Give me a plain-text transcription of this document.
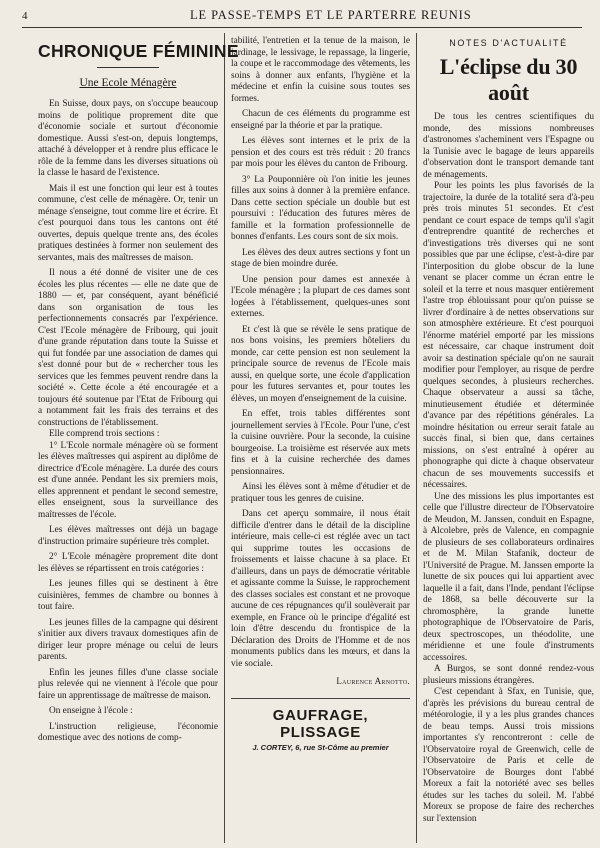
4	LE PASSE-TEMPS ET LE PARTERRE REUNIS
CHRONIQUE FÉMININE
Une Ecole Ménagère

En Suisse, doux pays, on s'occupe beaucoup moins de politique proprement dite que d'économie sociale et surtout d'économie domestique. Aussi s'est-on, depuis longtemps, attaché à développer et à rendre plus efficace le rôle de la femme dans les diverses situations où la classe le hasard de l'existence.

Mais il est une fonction qui leur est à toutes commune, c'est celle de ménagère. Or, tenir un ménage s'enseigne, tout comme lire et écrire. Et c'est pourquoi dans tous les cantons ont été ouvertes, depuis quelque trente ans, des écoles pratiques destinées à former non seulement des servantes, mais des maîtresses de maison.

Il nous a été donné de visiter une de ces écoles les plus récentes — elle ne date que de 1880 — et, par conséquent, ayant bénéficié dans son organisation de tous les perfectionnements consacrés par l'expérience. C'est l'Ecole ménagère de Fribourg, qui jouit d'une grande réputation dans toute la Suisse et qui fut fondée par une association de dames qui s'est donné pour but de « rechercher tous les services que les femmes peuvent rendre dans la société ». Cette école a été encouragée et a toujours été soutenue par l'Etat de Fribourg qui a notamment fait les frais des terrains et des constructions de l'établissement.

Elle comprend trois sections :

1° L'Ecole normale ménagère où se forment les élèves maîtresses qui aspirent au diplôme de directrice d'Ecole ménagère. La durée des cours est d'une année. Pendant les six premiers mois, elles apprennent et pendant le second semestre, elles enseignent, sous la surveillance des maîtresses de l'école.

Les élèves maîtresses ont déjà un bagage d'instruction primaire supérieure très complet.

2° L'Ecole ménagère proprement dite dont les élèves se répartissent en trois catégories :

Les jeunes filles qui se destinent à être cuisinières, femmes de chambre ou bonnes à tout faire.

Les jeunes filles de la campagne qui désirent s'initier aux divers travaux domestiques afin de diriger leur propre ménage ou celui de leurs parents.

Enfin les jeunes filles d'une classe sociale plus relevée qui ne viennent à l'école que pour faire un apprentissage de maîtresse de maison.

On enseigne à l'école :

L'instruction religieuse, l'économie domestique avec des notions de comp-

tabilité, l'entretien et la tenue de la maison, le jardinage, le lessivage, le repassage, la lingerie, la coupe et le raccommodage des vêtements, les soins à donner aux enfants, l'hygiène et la médecine et enfin la cuisine sous toutes ses formes.

Chacun de ces éléments du programme est enseigné par la théorie et par la pratique.

Les élèves sont internes et le prix de la pension et des cours est très réduit : 20 francs par mois pour les élèves du canton de Fribourg.

3° La Pouponnière où l'on initie les jeunes filles aux soins à donner à la première enfance. Dans cette section spéciale un double but est poursuivi : l'éducation des futures mères de famille et la formation professionnelle de bonnes d'enfants. Les cours sont de six mois.

Les élèves des deux autres sections y font un stage de bien moindre durée.

Une pension pour dames est annexée à l'Ecole ménagère ; la plupart de ces dames sont logées à l'établissement, quelques-unes sont externes.

Et c'est là que se révèle le sens pratique de nos bons voisins, les premiers hôteliers du monde, car cette pension est non seulement la principale source de revenus de l'Ecole mais aussi, en quelque sorte, une école d'application pour les futures servantes et, pour toutes les élèves, un moyen d'enseignement de la cuisine.

En effet, trois tables différentes sont journellement servies à l'Ecole. Pour l'une, c'est la cuisine ouvrière. Pour la seconde, la cuisine bourgeoise. La troisième est réservée aux mets fins et à la cuisine recherchée des dames pensionnaires.

Ainsi les élèves sont à même d'étudier et de pratiquer tous les genres de cuisine.

Dans cet aperçu sommaire, il nous était difficile d'entrer dans le détail de la discipline intérieure, mais celle-ci est réglée avec un tact qui supprime toutes les occasions de froissements et laisse chacune à sa place. Et d'ailleurs, dans un pays de démocratie véritable et agissante comme la Suisse, le rapprochement des classes sociales est constant et ne provoque aucune de ces répugnances qu'il soulèverait par exemple, en France où le principe d'égalité est loin d'être descendu du frontispice de la Déclaration des Droits de l'Homme et de nos monuments publics dans les mœurs, et dans la vie sociale.

Laurence Arnotto.
GAUFRAGE, PLISSAGE
J. CORTEY, 6, rue St-Côme au premier
NOTES D'ACTUALITÉ
L'éclipse du 30 août

De tous les centres scientifiques du monde, des missions nombreuses d'astronomes s'acheminent vers l'Espagne ou la Tunisie avec le bagage de leurs appareils d'observation dont le transport demande tant de ménagements.

Pour les points les plus favorisés de la trajectoire, la durée de la totalité sera d'à-peu près trois minutes 51 secondes. Et c'est pendant ce court espace de temps qu'il s'agit d'entreprendre quantité de recherches et d'investigations très diverses qui ne sont possibles que par une éclipse, c'est-à-dire par l'interposition du globe obscur de la lune venant se placer comme un écran entre le soleil et la terre et nous masquer entièrement l'astre trop éblouissant pour qu'on puisse se livrer d'ordinaire à de nettes observations sur son atmosphère extérieure. Et c'est pourquoi l'énorme matériel emporté par les missions est nécessaire, car chaque instrument doit avoir sa destination spéciale qu'on ne saurait modifier pour l'employer, au risque de perdre quelques secondes, à plusieurs recherches. Chaque observateur a aussi sa tâche, minutieusement étudiée et déterminée d'avance par des répétitions générales. La moindre hésitation ou erreur serait fatale au succès final, si bien que, dans certaines missions, on s'est entraîné à opérer au phonographe qui dicte à chaque observateur chacun de ses mouvements successifs et nécessaires.

Une des missions les plus importantes est celle que l'illustre directeur de l'Observatoire de Meudon, M. Janssen, conduit en Espagne, à Alcolebre, près de Valence, en compagnie de plusieurs de ses collaborateurs ordinaires et de M. Milan Stafanik, docteur de l'Université de Prague. M. Janssen emporte la lunette de six pouces qui lui appartient avec laquelle il a fait, dans l'Inde, pendant l'éclipse de 1868, sa belle découverte sur la chromosphère, la grande lunette photographique de l'Observatoire de Paris, deux spectroscopes, un théodolite, une méridienne et une foule d'instruments accessoires.

A Burgos, se sont donné rendez-vous plusieurs missions étrangères.

C'est cependant à Sfax, en Tunisie, que, d'après les prévisions du bureau central de météorologie, il y a les plus grandes chances de beau temps. Aussi trois missions importantes s'y rencontreront : celle de l'Observatoire royal de Greenwich, celle de l'Observatoire de Paris et celle de l'Observatoire de Bourges dont l'abbé Moreux a fait la notoriété avec ses belles études sur les taches du soleil. M. l'abbé Moreux se propose de faire des recherches sur l'extension
